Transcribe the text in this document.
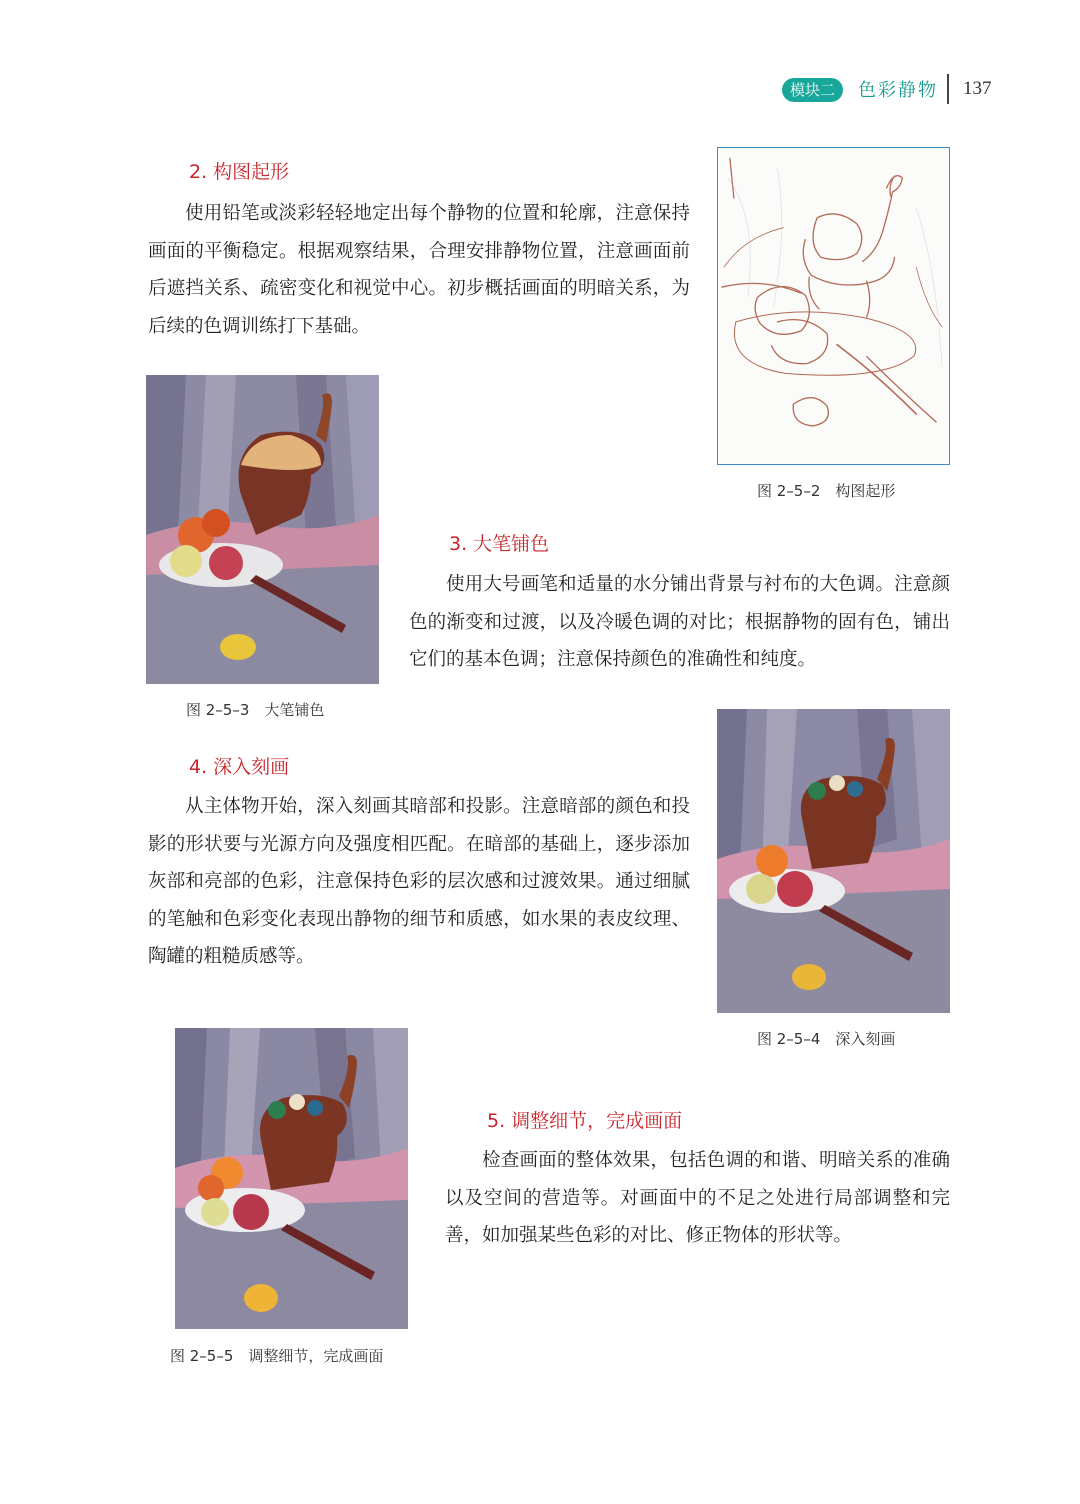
模块二	色彩静物 137
2. 构图起形

使用铅笔或淡彩轻轻地定出每个静物的位置和轮廓，注意保持画面的平衡稳定。根据观察结果，合理安排静物位置，注意画面前后遮挡关系、疏密变化和视觉中心。初步概括画面的明暗关系，为后续的色调训练打下基础。

图 2–5–2　构图起形
图 2–5–3　大笔铺色
3. 大笔铺色

使用大号画笔和适量的水分铺出背景与衬布的大色调。注意颜色的渐变和过渡，以及冷暖色调的对比；根据静物的固有色，铺出它们的基本色调；注意保持颜色的准确性和纯度。

图 2–5–4　深入刻画
4. 深入刻画

从主体物开始，深入刻画其暗部和投影。注意暗部的颜色和投影的形状要与光源方向及强度相匹配。在暗部的基础上，逐步添加灰部和亮部的色彩，注意保持色彩的层次感和过渡效果。通过细腻的笔触和色彩变化表现出静物的细节和质感，如水果的表皮纹理、陶罐的粗糙质感等。

图 2–5–5　调整细节，完成画面
5. 调整细节，完成画面

检查画面的整体效果，包括色调的和谐、明暗关系的准确以及空间的营造等。对画面中的不足之处进行局部调整和完善，如加强某些色彩的对比、修正物体的形状等。
